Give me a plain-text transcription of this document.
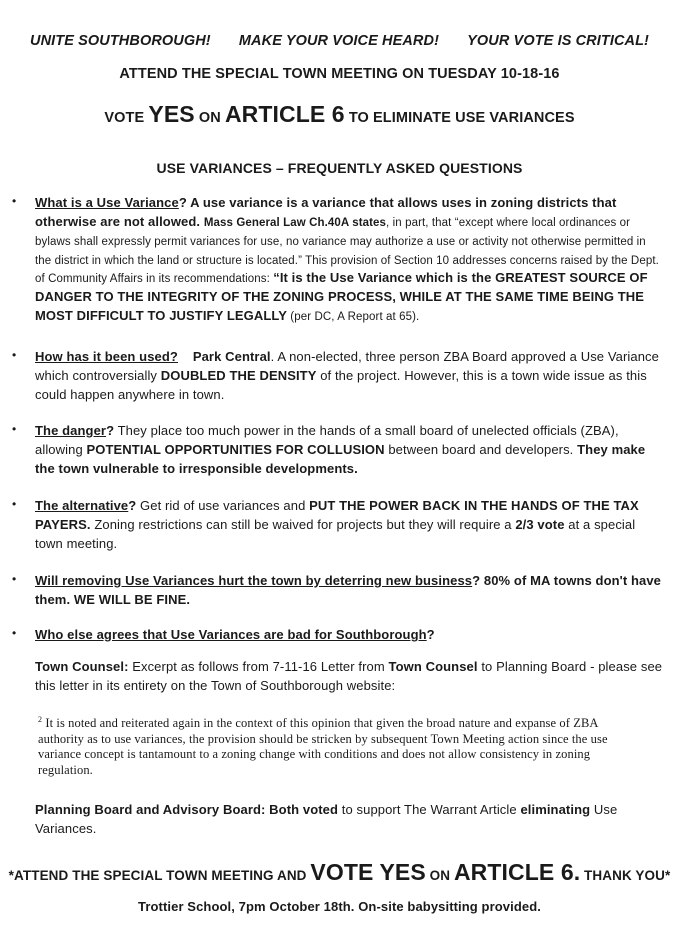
UNITE SOUTHBOROUGH! MAKE YOUR VOICE HEARD! YOUR VOTE IS CRITICAL!
ATTEND THE SPECIAL TOWN MEETING ON TUESDAY 10-18-16
VOTE YES ON ARTICLE 6 TO ELIMINATE USE VARIANCES
USE VARIANCES – FREQUENTLY ASKED QUESTIONS
• What is a Use Variance? A use variance is a variance that allows uses in zoning districts that otherwise are not allowed. Mass General Law Ch.40A states, in part, that “except where local ordinances or bylaws shall expressly permit variances for use, no variance may authorize a use or activity not otherwise permitted in the district in which the land or structure is located.” This provision of Section 10 addresses concerns raised by the Dept. of Community Affairs in its recommendations: “It is the Use Variance which is the GREATEST SOURCE OF DANGER TO THE INTEGRITY OF THE ZONING PROCESS, WHILE AT THE SAME TIME BEING THE MOST DIFFICULT TO JUSTIFY LEGALLY (per DC, A Report at 65).
• How has it been used? Park Central. A non-elected, three person ZBA Board approved a Use Variance which controversially DOUBLED THE DENSITY of the project. However, this is a town wide issue as this could happen anywhere in town.
• The danger? They place too much power in the hands of a small board of unelected officials (ZBA), allowing POTENTIAL OPPORTUNITIES FOR COLLUSION between board and developers. They make the town vulnerable to irresponsible developments.
• The alternative? Get rid of use variances and PUT THE POWER BACK IN THE HANDS OF THE TAX PAYERS. Zoning restrictions can still be waived for projects but they will require a 2/3 vote at a special town meeting.
• Will removing Use Variances hurt the town by deterring new business? 80% of MA towns don't have them. WE WILL BE FINE.
• Who else agrees that Use Variances are bad for Southborough?
Town Counsel: Excerpt as follows from 7-11-16 Letter from Town Counsel to Planning Board - please see this letter in its entirety on the Town of Southborough website:
$^2$ It is noted and reiterated again in the context of this opinion that given the broad nature and expanse of ZBA authority as to use variances, the provision should be stricken by subsequent Town Meeting action since the use variance concept is tantamount to a zoning change with conditions and does not allow consistency in zoning regulation.
Planning Board and Advisory Board: Both voted to support The Warrant Article eliminating Use Variances.
*ATTEND THE SPECIAL TOWN MEETING AND VOTE YES ON ARTICLE 6. THANK YOU*
Trottier School, 7pm October 18th. On-site babysitting provided.
